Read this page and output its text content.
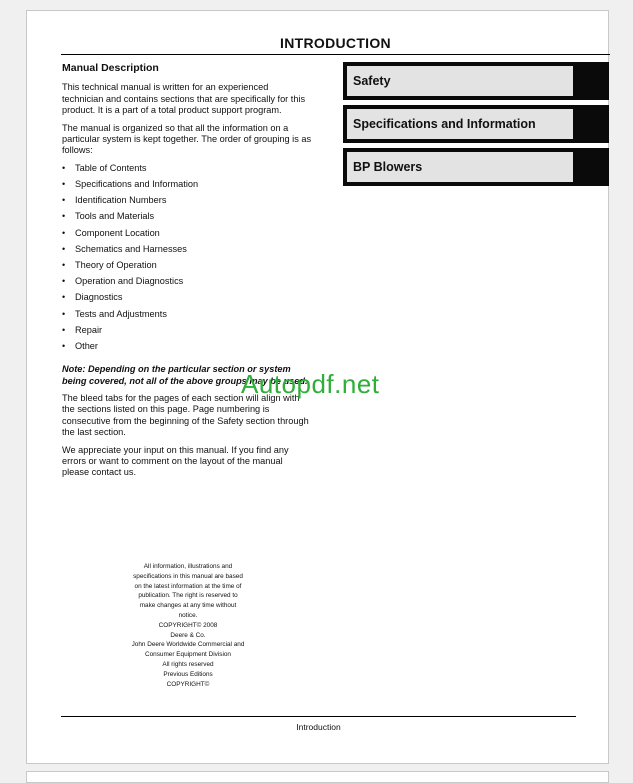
INTRODUCTION
Manual Description

This technical manual is written for an experienced technician and contains sections that are specifically for this product. It is a part of a total product support program.

The manual is organized so that all the information on a particular system is kept together. The order of grouping is as follows:

• Table of Contents
• Specifications and Information
• Identification Numbers
• Tools and Materials
• Component Location
• Schematics and Harnesses
• Theory of Operation
• Operation and Diagnostics
• Diagnostics
• Tests and Adjustments
• Repair
• Other

Note: Depending on the particular section or system being covered, not all of the above groups may be used.

The bleed tabs for the pages of each section will align with the sections listed on this page. Page numbering is consecutive from the beginning of the Safety section through the last section.

We appreciate your input on this manual. If you find any errors or want to comment on the layout of the manual please contact us.

Safety
Specifications and Information
BP Blowers
Autopdf.net
All information, illustrations and
specifications in this manual are based
on the latest information at the time of
publication. The right is reserved to
make changes at any time without
notice.
COPYRIGHT© 2008
Deere & Co.
John Deere Worldwide Commercial and
Consumer Equipment Division
All rights reserved
Previous Editions
COPYRIGHT©
Introduction
